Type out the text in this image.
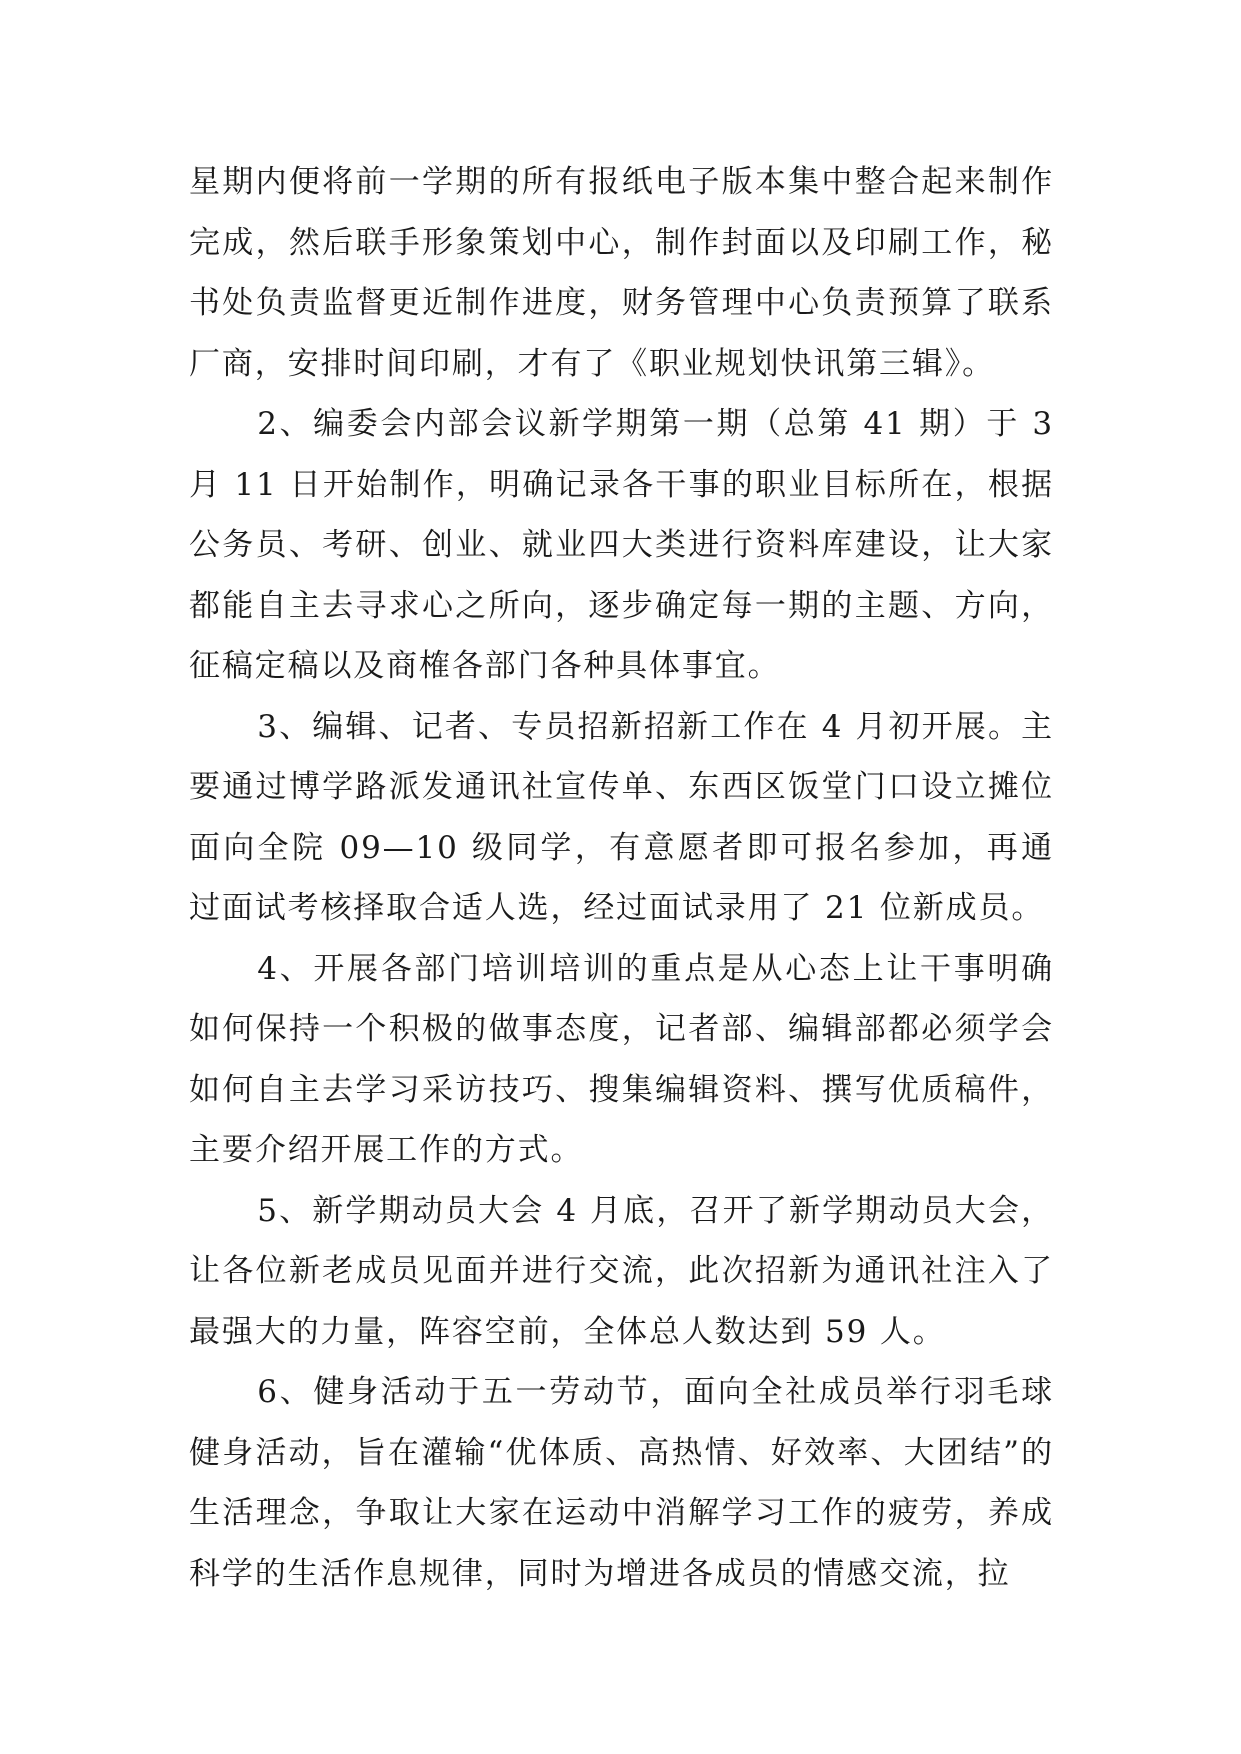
星期内便将前一学期的所有报纸电子版本集中整合起来制作完成，然后联手形象策划中心，制作封面以及印刷工作，秘书处负责监督更近制作进度，财务管理中心负责预算了联系厂商，安排时间印刷，才有了《职业规划快讯第三辑》。

2、编委会内部会议新学期第一期（总第 41 期）于 3 月 11 日开始制作，明确记录各干事的职业目标所在，根据公务员、考研、创业、就业四大类进行资料库建设，让大家都能自主去寻求心之所向，逐步确定每一期的主题、方向，征稿定稿以及商榷各部门各种具体事宜。

3、编辑、记者、专员招新招新工作在 4 月初开展。主要通过博学路派发通讯社宣传单、东西区饭堂门口设立摊位面向全院 09—10 级同学，有意愿者即可报名参加，再通过面试考核择取合适人选，经过面试录用了 21 位新成员。

4、开展各部门培训培训的重点是从心态上让干事明确如何保持一个积极的做事态度，记者部、编辑部都必须学会如何自主去学习采访技巧、搜集编辑资料、撰写优质稿件，主要介绍开展工作的方式。

5、新学期动员大会 4 月底，召开了新学期动员大会，让各位新老成员见面并进行交流，此次招新为通讯社注入了最强大的力量，阵容空前，全体总人数达到 59 人。

6、健身活动于五一劳动节，面向全社成员举行羽毛球健身活动，旨在灌输“优体质、高热情、好效率、大团结”的生活理念，争取让大家在运动中消解学习工作的疲劳，养成科学的生活作息规律，同时为增进各成员的情感交流，拉
